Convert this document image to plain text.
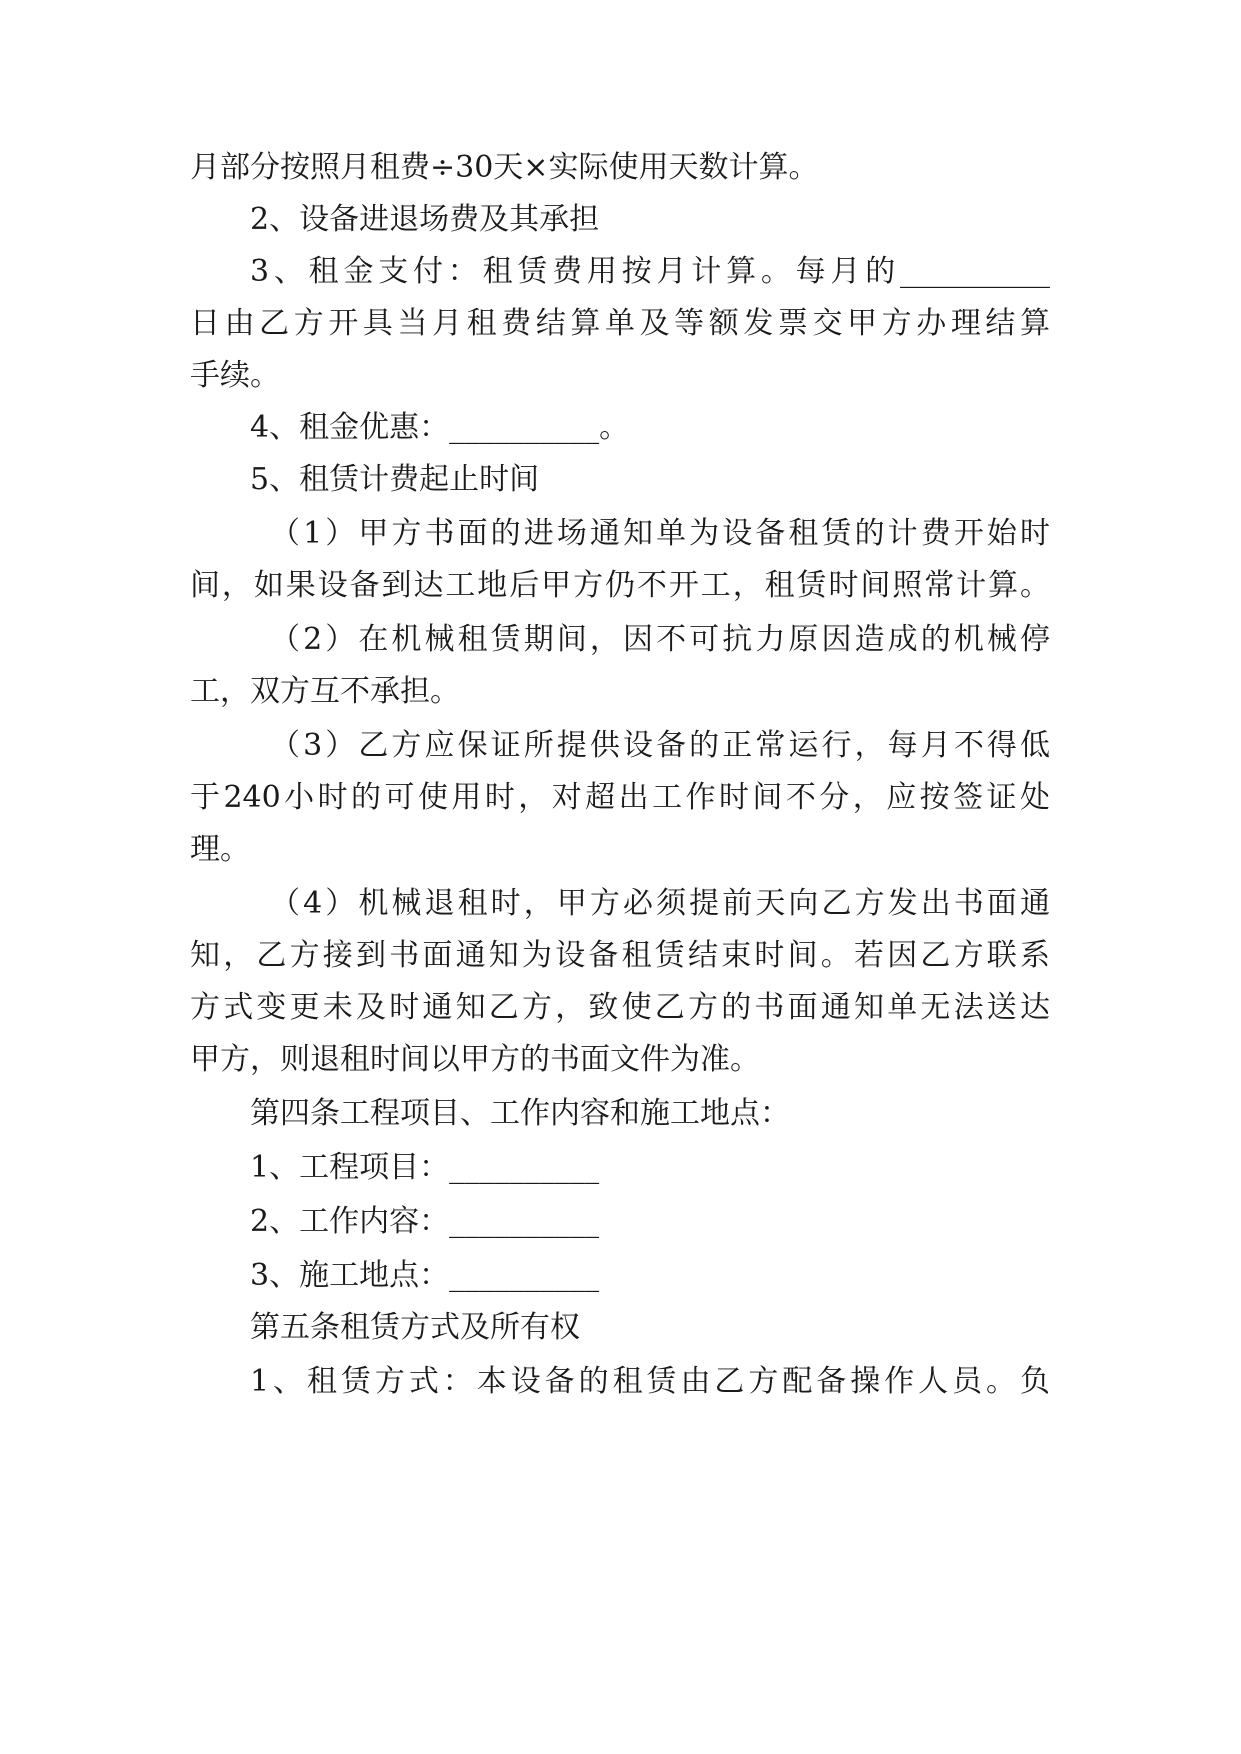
月部分按照月租费÷30天×实际使用天数计算。
2、设备进退场费及其承担
3、租金支付：租赁费用按月计算。每月的__________
日由乙方开具当月租费结算单及等额发票交甲方办理结算
手续。
4、租金优惠：__________。
5、租赁计费起止时间
（1）甲方书面的进场通知单为设备租赁的计费开始时
间，如果设备到达工地后甲方仍不开工，租赁时间照常计算。
（2）在机械租赁期间，因不可抗力原因造成的机械停
工，双方互不承担。
（3）乙方应保证所提供设备的正常运行，每月不得低
于240小时的可使用时，对超出工作时间不分，应按签证处
理。
（4）机械退租时，甲方必须提前天向乙方发出书面通
知，乙方接到书面通知为设备租赁结束时间。若因乙方联系
方式变更未及时通知乙方，致使乙方的书面通知单无法送达
甲方，则退租时间以甲方的书面文件为准。
第四条工程项目、工作内容和施工地点：
1、工程项目：__________
2、工作内容：__________
3、施工地点：__________
第五条租赁方式及所有权
1、租赁方式：本设备的租赁由乙方配备操作人员。负
